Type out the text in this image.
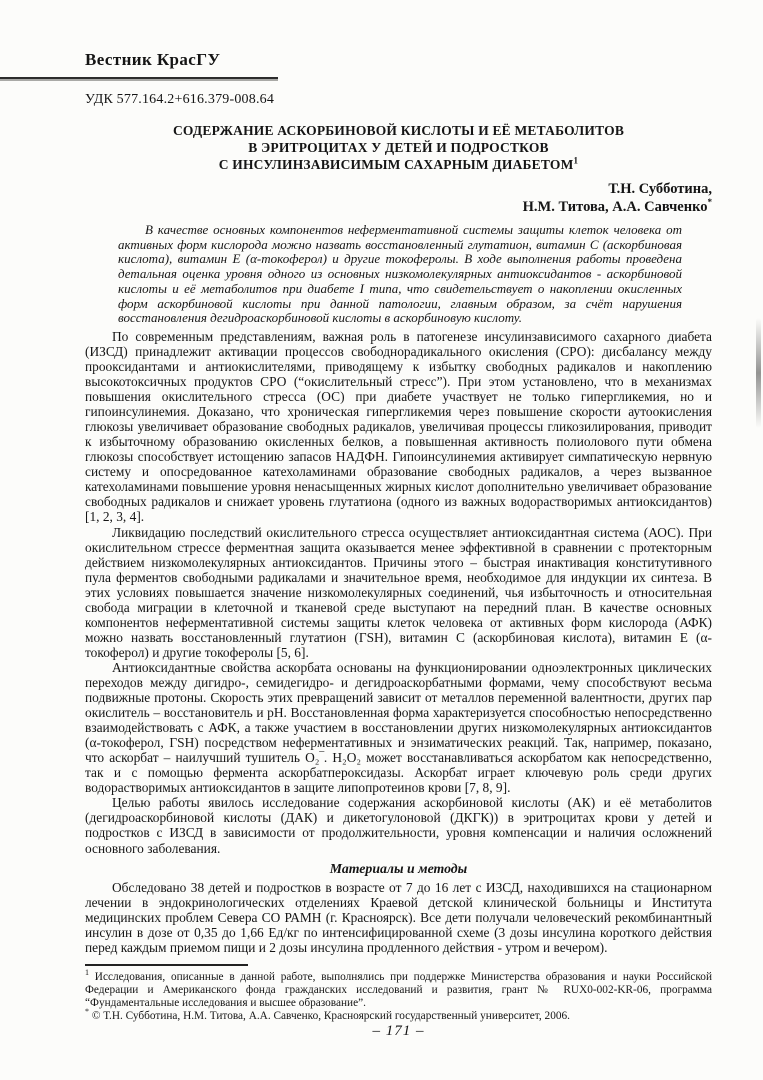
Вестник КрасГУ
УДК 577.164.2+616.379-008.64
СОДЕРЖАНИЕ АСКОРБИНОВОЙ КИСЛОТЫ И ЕЁ МЕТАБОЛИТОВ
В ЭРИТРОЦИТАХ У ДЕТЕЙ И ПОДРОСТКОВ
С ИНСУЛИНЗАВИСИМЫМ САХАРНЫМ ДИАБЕТОМ$^1$
Т.Н. Субботина,
Н.М. Титова, А.А. Савченко*
В качестве основных компонентов неферментативной системы защиты клеток человека от активных форм кислорода можно назвать восстановленный глутатион, витамин С (аскорбиновая кислота), витамин Е (α-токоферол) и другие токоферолы. В ходе выполнения работы проведена детальная оценка уровня одного из основных низкомолекулярных антиоксидантов - аскорбиновой кислоты и её метаболитов при диабете I типа, что свидетельствует о накоплении окисленных форм аскорбиновой кислоты при данной патологии, главным образом, за счёт нарушения восстановления дегидроаскорбиновой кислоты в аскорбиновую кислоту.

По современным представлениям, важная роль в патогенезе инсулинзависимого сахарного диабета (ИЗСД) принадлежит активации процессов свободнорадикального окисления (СРО): дисбалансу между прооксидантами и антиокислителями, приводящему к избытку свободных радикалов и накоплению высокотоксичных продуктов СРО (“окислительный стресс”). При этом установлено, что в механизмах повышения окислительного стресса (ОС) при диабете участвует не только гипергликемия, но и гипоинсулинемия. Доказано, что хроническая гипергликемия через повышение скорости аутоокисления глюкозы увеличивает образование свободных радикалов, увеличивая процессы гликозилирования, приводит к избыточному образованию окисленных белков, а повышенная активность полиолового пути обмена глюкозы способствует истощению запасов НАДФН. Гипоинсулинемия активирует симпатическую нервную систему и опосредованное катехоламинами образование свободных радикалов, а через вызванное катехоламинами повышение уровня ненасыщенных жирных кислот дополнительно увеличивает образование свободных радикалов и снижает уровень глутатиона (одного из важных водорастворимых антиоксидантов) [1, 2, 3, 4].

Ликвидацию последствий окислительного стресса осуществляет антиоксидантная система (АОС). При окислительном стрессе ферментная защита оказывается менее эффективной в сравнении с протекторным действием низкомолекулярных антиоксидантов. Причины этого – быстрая инактивация конститутивного пула ферментов свободными радикалами и значительное время, необходимое для индукции их синтеза. В этих условиях повышается значение низкомолекулярных соединений, чья избыточность и относительная свобода миграции в клеточной и тканевой среде выступают на передний план. В качестве основных компонентов неферментативной системы защиты клеток человека от активных форм кислорода (АФК) можно назвать восстановленный глутатион (ГSH), витамин С (аскорбиновая кислота), витамин Е (α-токоферол) и другие токоферолы [5, 6].

Антиоксидантные свойства аскорбата основаны на функционировании одноэлектронных циклических переходов между дигидро-, семидегидро- и дегидроаскорбатными формами, чему способствуют весьма подвижные протоны. Скорость этих превращений зависит от металлов переменной валентности, других пар окислитель – восстановитель и рН. Восстановленная форма характеризуется способностью непосредственно взаимодействовать с АФК, а также участием в восстановлении других низкомолекулярных антиоксидантов (α-токоферол, ГSH) посредством неферментативных и энзиматических реакций. Так, например, показано, что аскорбат – наилучший тушитель О₂‾. Н₂О₂ может восстанавливаться аскорбатом как непосредственно, так и с помощью фермента аскорбатпероксидазы. Аскорбат играет ключевую роль среди других водорастворимых антиоксидантов в защите липопротеинов крови [7, 8, 9].

Целью работы явилось исследование содержания аскорбиновой кислоты (АК) и её метаболитов (дегидроаскорбиновой кислоты (ДАК) и дикетогулоновой (ДКГК)) в эритроцитах крови у детей и подростков с ИЗСД в зависимости от продолжительности, уровня компенсации и наличия осложнений основного заболевания.

Материалы и методы

Обследовано 38 детей и подростков в возрасте от 7 до 16 лет с ИЗСД, находившихся на стационарном лечении в эндокринологических отделениях Краевой детской клинической больницы и Института медицинских проблем Севера СО РАМН (г. Красноярск). Все дети получали человеческий рекомбинантный инсулин в дозе от 0,35 до 1,66 Ед/кг по интенсифицированной схеме (3 дозы инсулина короткого действия перед каждым приемом пищи и 2 дозы инсулина продленного действия - утром и вечером).

$^1$ Исследования, описанные в данной работе, выполнялись при поддержке Министерства образования и науки Российской Федерации и Американского фонда гражданских исследований и развития, грант № RUX0-002-KR-06, программа “Фундаментальные исследования и высшее образование”.

* © Т.Н. Субботина, Н.М. Титова, А.А. Савченко, Красноярский государственный университет, 2006.

– 171 –
